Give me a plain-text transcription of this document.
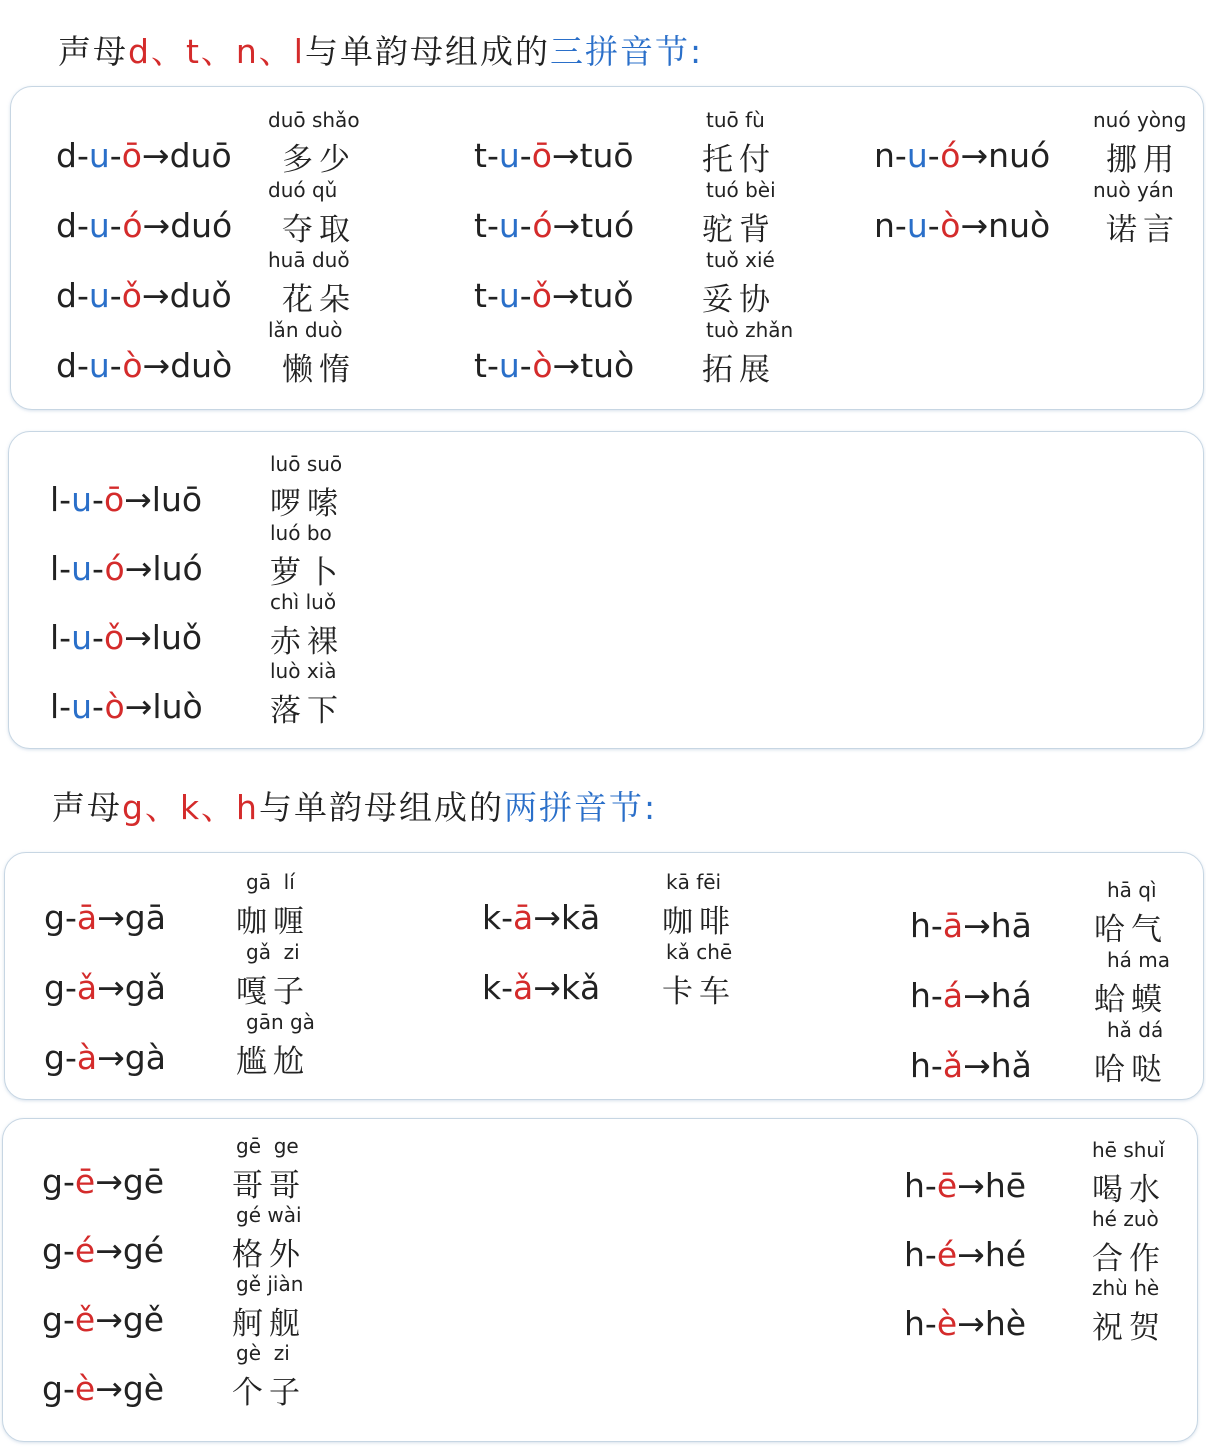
声母d、t、n、l与单韵母组成的三拼音节:
声母g、k、h与单韵母组成的两拼音节:
d-u-ō→duō
duō shǎo
多少
d-u-ó→duó
duó qǔ
夺取
d-u-ǒ→duǒ
huā duǒ
花朵
d-u-ò→duò
lǎn duò
懒惰
t-u-ō→tuō
tuō fù
托付
t-u-ó→tuó
tuó bèi
驼背
t-u-ǒ→tuǒ
tuǒ xié
妥协
t-u-ò→tuò
tuò zhǎn
拓展
n-u-ó→nuó
nuó yòng
挪用
n-u-ò→nuò
nuò yán
诺言
l-u-ō→luō
luō suō
啰嗦
l-u-ó→luó
luó bo
萝卜
l-u-ǒ→luǒ
chì luǒ
赤裸
l-u-ò→luò
luò xià
落下
g-ā→gā
gā  lí
咖喱
g-ǎ→gǎ
gǎ  zi
嘎子
g-à→gà
gān gà
尴尬
k-ā→kā
kā fēi
咖啡
k-ǎ→kǎ
kǎ chē
卡车
h-ā→hā
hā qì
哈气
h-á→há
há ma
蛤蟆
h-ǎ→hǎ
hǎ dá
哈哒
g-ē→gē
gē  ge
哥哥
g-é→gé
gé wài
格外
g-ě→gě
gě jiàn
舸舰
g-è→gè
gè  zi
个子
h-ē→hē
hē shuǐ
喝水
h-é→hé
hé zuò
合作
h-è→hè
zhù hè
祝贺
